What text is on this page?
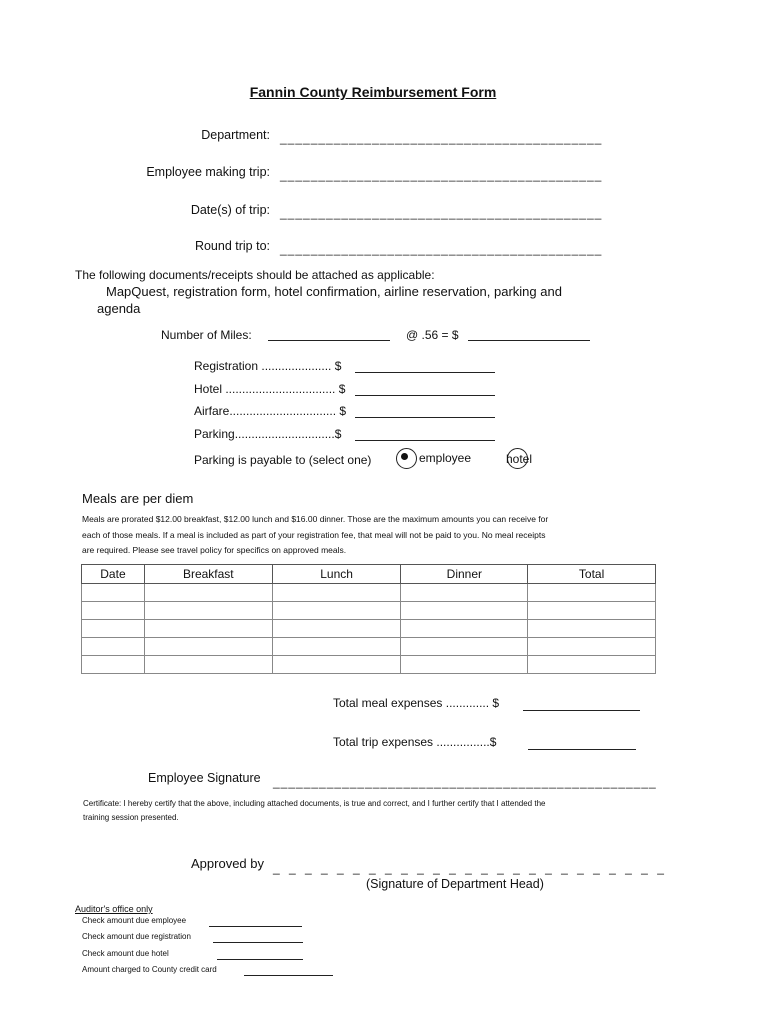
Fannin County Reimbursement Form
Department: __________________________________________
Employee making trip: __________________________________________
Date(s) of trip: __________________________________________
Round trip to: __________________________________________
The following documents/receipts should be attached as applicable:
MapQuest, registration form, hotel confirmation, airline reservation, parking and
agenda
Number of Miles:	@ .56 = $
Registration ..................... $
Hotel ................................. $
Airfare................................ $
Parking..............................$
Parking is payable to (select one)
	employee	hotel
Meals are per diem
Meals are prorated $12.00 breakfast, $12.00 lunch and $16.00 dinner. Those are the maximum amounts you can receive for
each of those meals. If a meal is included as part of your registration fee, that meal will not be paid to you. No meal receipts
are required. Please see travel policy for specifics on approved meals.
Date	Breakfast	Lunch	Dinner	Total

Total meal expenses ............. $
Total trip expenses ................$
Employee Signature __________________________________________________
Certificate: I hereby certify that the above, including attached documents, is true and correct, and I further certify that I attended the
training session presented.
Approved by _ _ _ _ _ _ _ _ _ _ _ _ _ _ _ _ _ _ _ _ _ _ _ _ _
(Signature of Department Head)
Auditor's office only
Check amount due employee
Check amount due registration
Check amount due hotel
Amount charged to County credit card
